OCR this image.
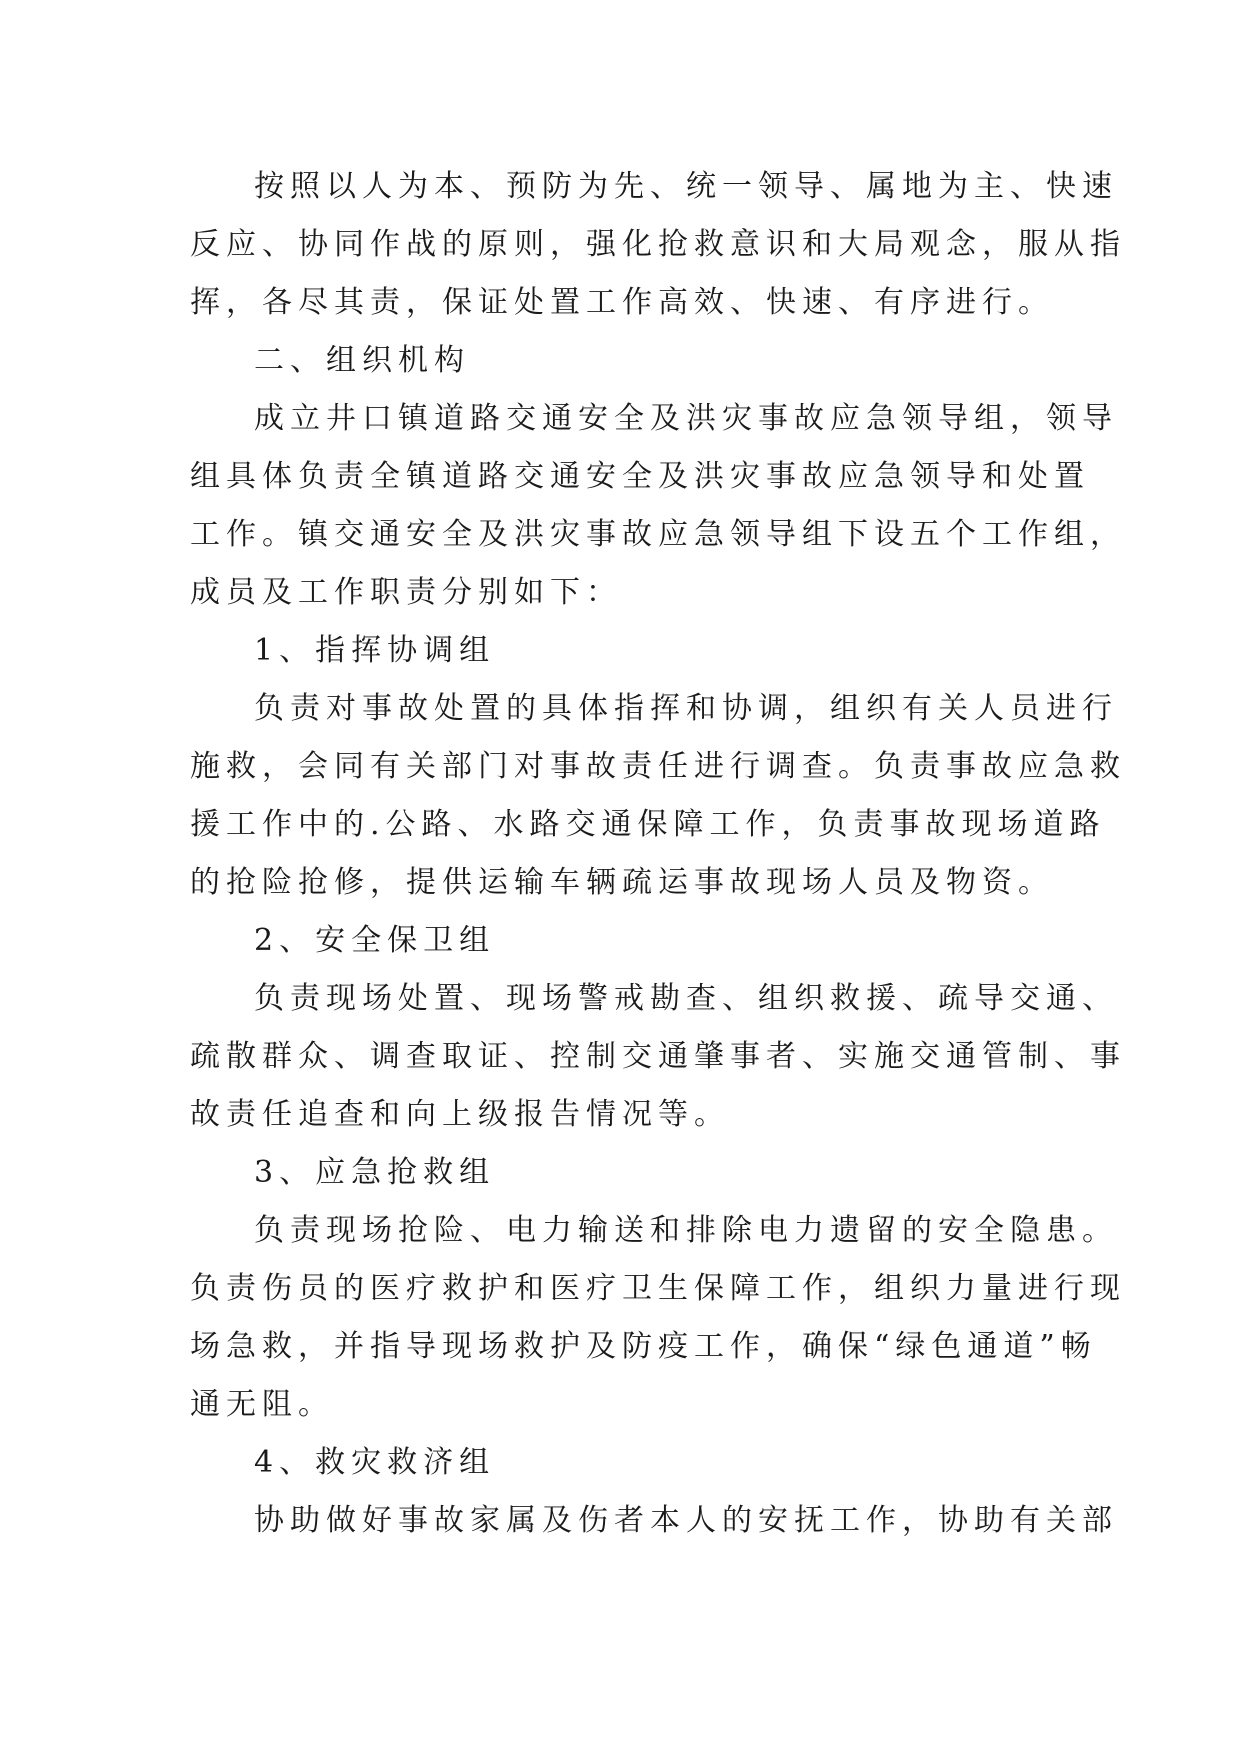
按照以人为本、预防为先、统一领导、属地为主、快速
反应、协同作战的原则，强化抢救意识和大局观念，服从指
挥，各尽其责，保证处置工作高效、快速、有序进行。
二、组织机构
成立井口镇道路交通安全及洪灾事故应急领导组，领导
组具体负责全镇道路交通安全及洪灾事故应急领导和处置
工作。镇交通安全及洪灾事故应急领导组下设五个工作组，
成员及工作职责分别如下：
1、指挥协调组
负责对事故处置的具体指挥和协调，组织有关人员进行
施救，会同有关部门对事故责任进行调查。负责事故应急救
援工作中的.公路、水路交通保障工作，负责事故现场道路
的抢险抢修，提供运输车辆疏运事故现场人员及物资。
2、安全保卫组
负责现场处置、现场警戒勘查、组织救援、疏导交通、
疏散群众、调查取证、控制交通肇事者、实施交通管制、事
故责任追查和向上级报告情况等。
3、应急抢救组
负责现场抢险、电力输送和排除电力遗留的安全隐患。
负责伤员的医疗救护和医疗卫生保障工作，组织力量进行现
场急救，并指导现场救护及防疫工作，确保“绿色通道”畅
通无阻。
4、救灾救济组
协助做好事故家属及伤者本人的安抚工作，协助有关部
